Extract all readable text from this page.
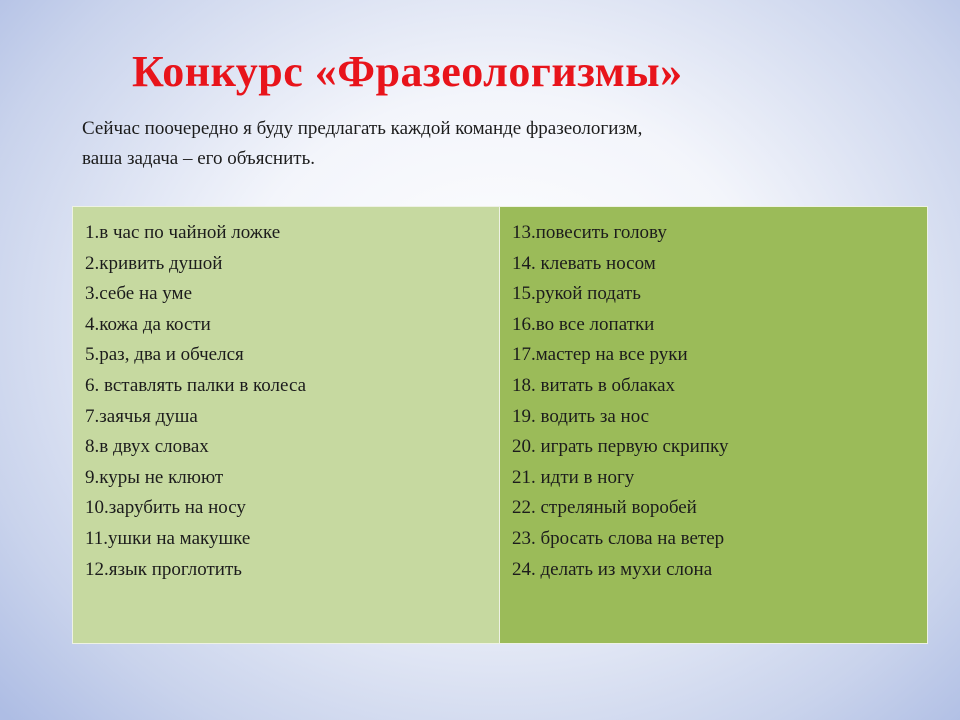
Конкурс «Фразеологизмы»

Сейчас поочередно я буду предлагать каждой команде фразеологизм,

ваша задача – его объяснить.

1.в час по чайной ложке
2.кривить душой
3.себе на уме
4.кожа да кости
5.раз, два и обчелся
6. вставлять палки в колеса
7.заячья душа
8.в двух словах
9.куры не клюют
10.зарубить на носу
11.ушки на макушке
12.язык проглотить
13.повесить голову
14. клевать носом
15.рукой подать
16.во все лопатки
17.мастер на все руки
18. витать в облаках
19. водить за нос
20. играть первую скрипку
21. идти в ногу
22. стреляный воробей
23. бросать слова на ветер
24. делать из мухи слона
